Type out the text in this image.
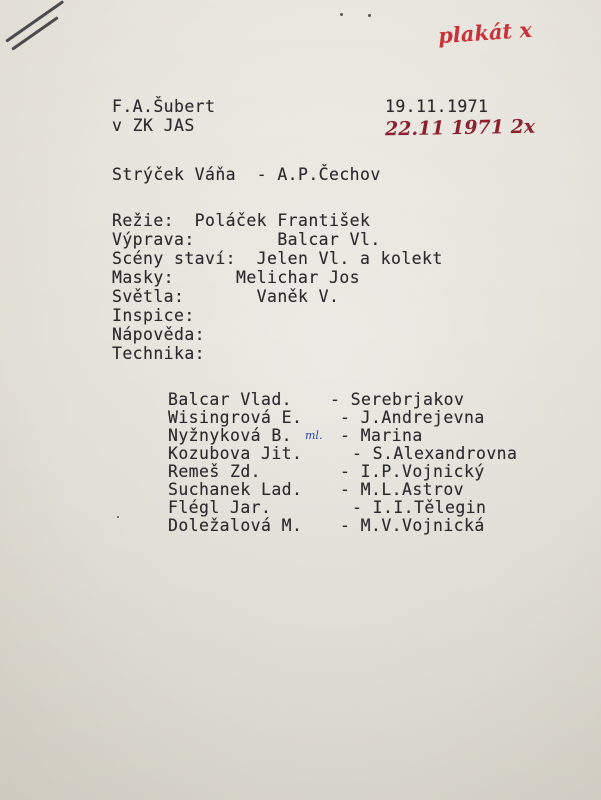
plakát x
F.A.Šubert
v ZK JAS
19.11.1971
22.11 1971 2x
Strýček Váňa  - A.P.Čechov
Režie:  Poláček František
Výprava:        Balcar Vl.
Scény staví:  Jelen Vl. a kolekt
Masky:      Melichar Jos
Světla:       Vaněk V.
Inspice:
Nápověda:
Technika:
Balcar Vlad. - Serebrjakov
Wisingrová E. - J.Andrejevna
Nyžnyková B. ml. - Marina
Kozubova Jit.	- S.Alexandrovna
Remeš Zd.	- I.P.Vojnický
Suchanek Lad. - M.L.Astrov
Flégl Jar.	- I.I.Tělegin
Doležalová M. - M.V.Vojnická
